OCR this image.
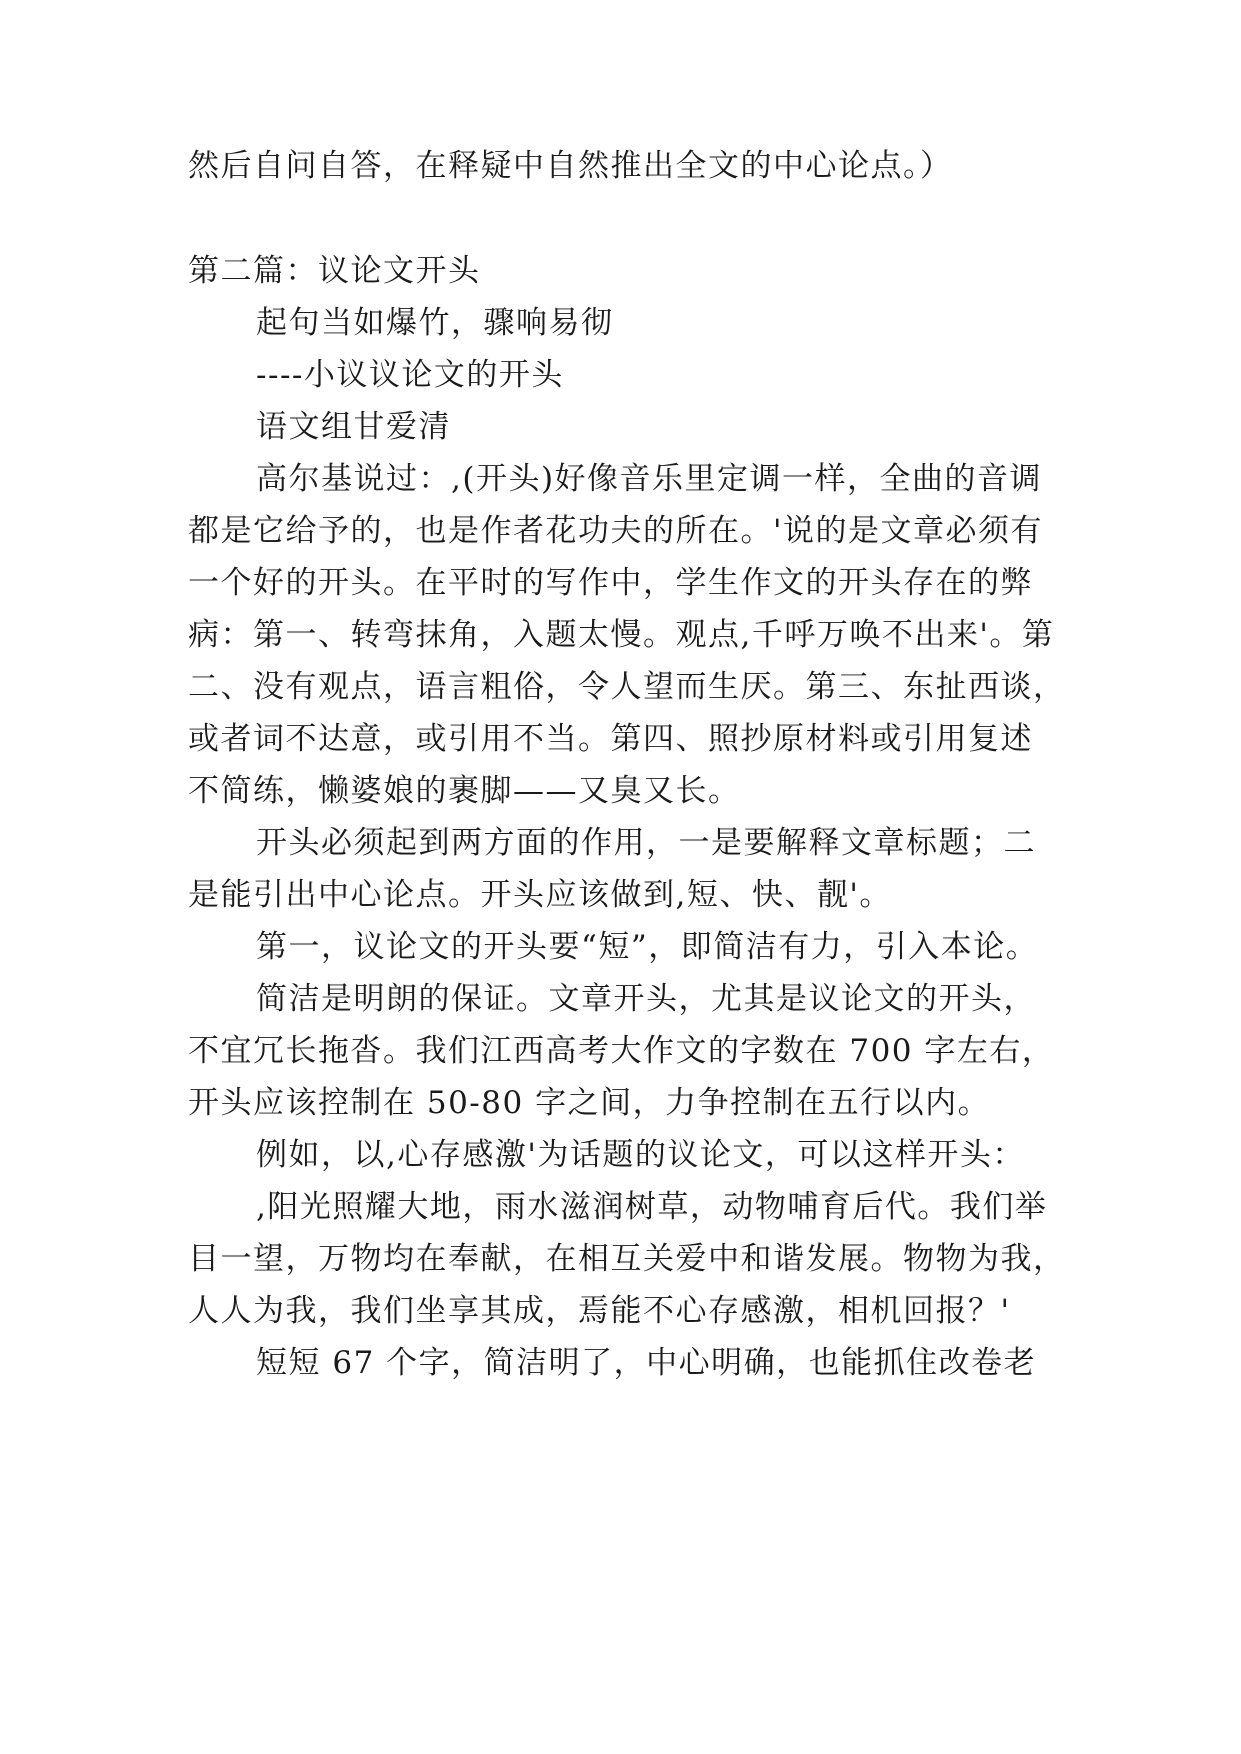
然后自问自答，在释疑中自然推出全文的中心论点。）
第二篇：议论文开头
起句当如爆竹，骤响易彻
----小议议论文的开头
语文组甘爱清
高尔基说过：,(开头)好像音乐里定调一样，全曲的音调
都是它给予的，也是作者花功夫的所在。'说的是文章必须有
一个好的开头。在平时的写作中，学生作文的开头存在的弊
病：第一、转弯抹角，入题太慢。观点,千呼万唤不出来'。第
二、没有观点，语言粗俗，令人望而生厌。第三、东扯西谈，
或者词不达意，或引用不当。第四、照抄原材料或引用复述
不简练，懒婆娘的裹脚——又臭又长。
开头必须起到两方面的作用，一是要解释文章标题；二
是能引出中心论点。开头应该做到,短、快、靓'。
第一，议论文的开头要“短”，即简洁有力，引入本论。
简洁是明朗的保证。文章开头，尤其是议论文的开头，
不宜冗长拖沓。我们江西高考大作文的字数在 700 字左右，
开头应该控制在 50-80 字之间，力争控制在五行以内。
例如，以,心存感激'为话题的议论文，可以这样开头：
,阳光照耀大地，雨水滋润树草，动物哺育后代。我们举
目一望，万物均在奉献，在相互关爱中和谐发展。物物为我，
人人为我，我们坐享其成，焉能不心存感激，相机回报？'
短短 67 个字，简洁明了，中心明确，也能抓住改卷老
